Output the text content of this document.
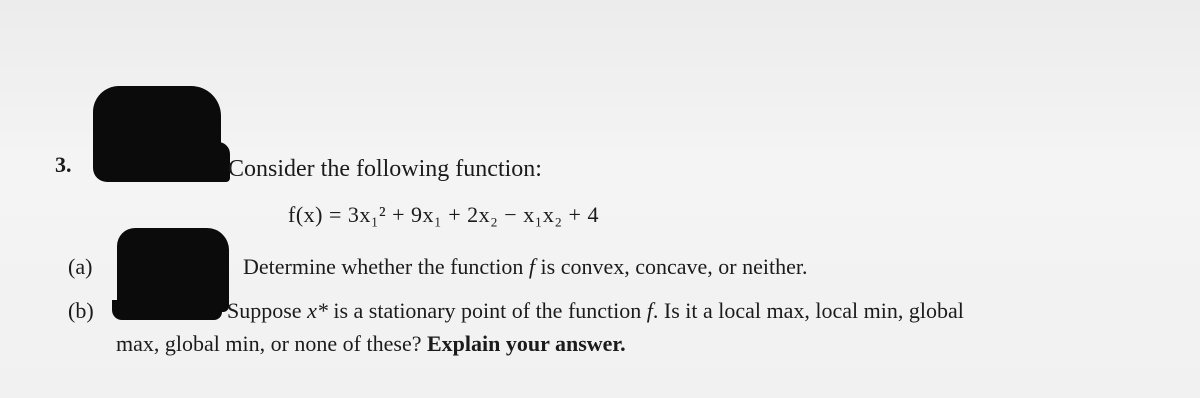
3.	Consider the following function:
f(x) = 3x₁² + 9x₁ + 2x₂ − x₁x₂ + 4
(a)	Determine whether the function f is convex, concave, or neither.
(b)	Suppose x* is a stationary point of the function f. Is it a local max, local min, global
max, global min, or none of these? Explain your answer.
